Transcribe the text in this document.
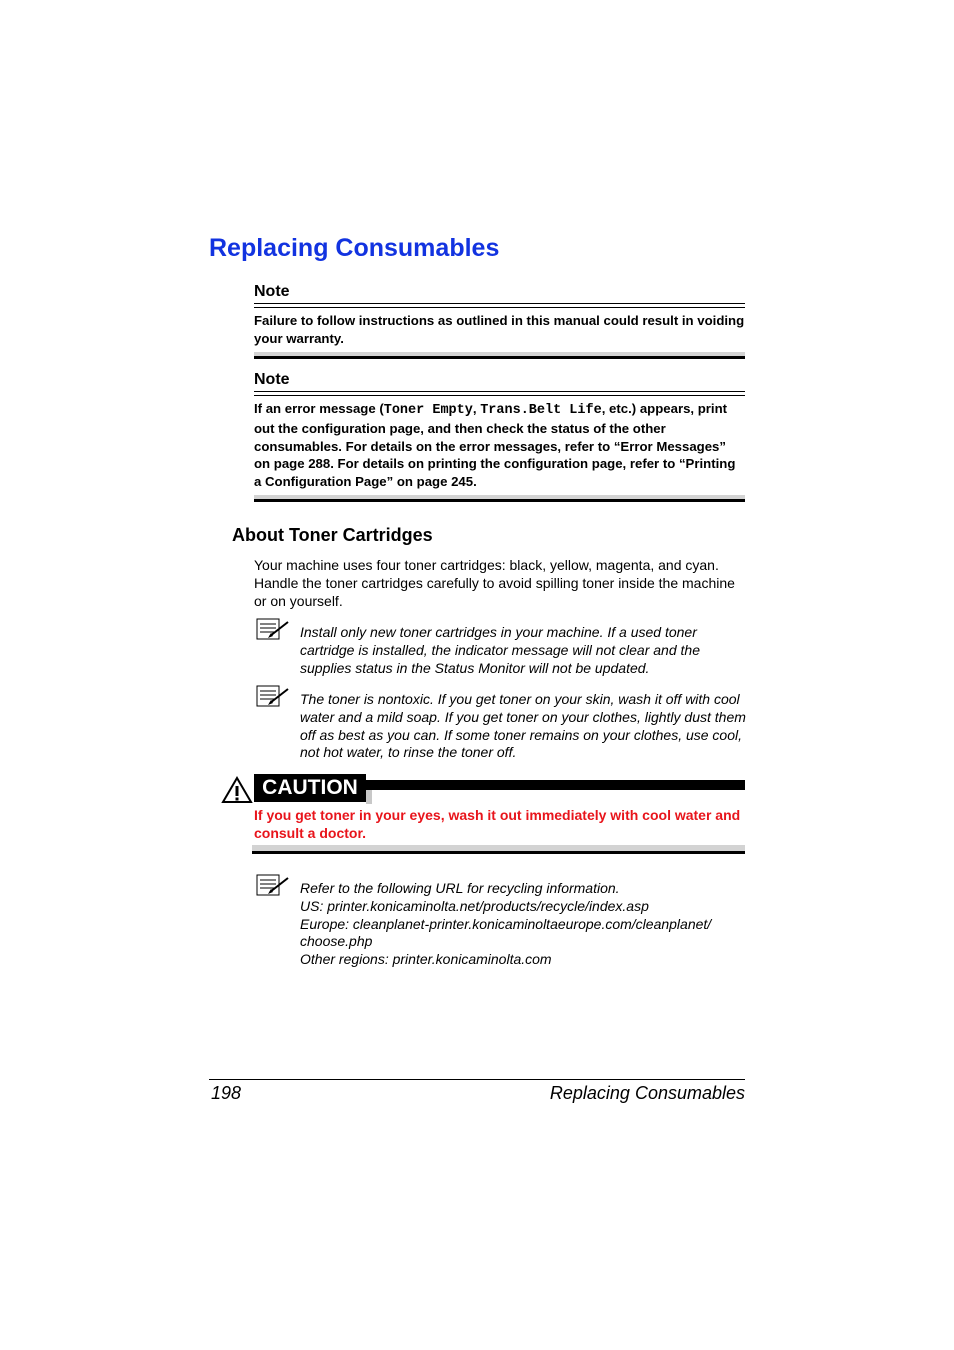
Replacing Consumables
Note
Failure to follow instructions as outlined in this manual could result in voiding your warranty.
Note
If an error message (Toner Empty, Trans.Belt Life, etc.) appears, print out the configuration page, and then check the status of the other consumables. For details on the error messages, refer to “Error Messages” on page 288. For details on printing the configuration page, refer to “Printing a Configuration Page” on page 245.
About Toner Cartridges
Your machine uses four toner cartridges: black, yellow, magenta, and cyan. Handle the toner cartridges carefully to avoid spilling toner inside the machine or on yourself.
Install only new toner cartridges in your machine. If a used toner cartridge is installed, the indicator message will not clear and the supplies status in the Status Monitor will not be updated.
The toner is nontoxic. If you get toner on your skin, wash it off with cool water and a mild soap. If you get toner on your clothes, lightly dust them off as best as you can. If some toner remains on your clothes, use cool, not hot water, to rinse the toner off.
CAUTION
If you get toner in your eyes, wash it out immediately with cool water and consult a doctor.
Refer to the following URL for recycling information.
US: printer.konicaminolta.net/products/recycle/index.asp
Europe: cleanplanet-printer.konicaminoltaeurope.com/cleanplanet/
choose.php
Other regions: printer.konicaminolta.com
198	Replacing Consumables
